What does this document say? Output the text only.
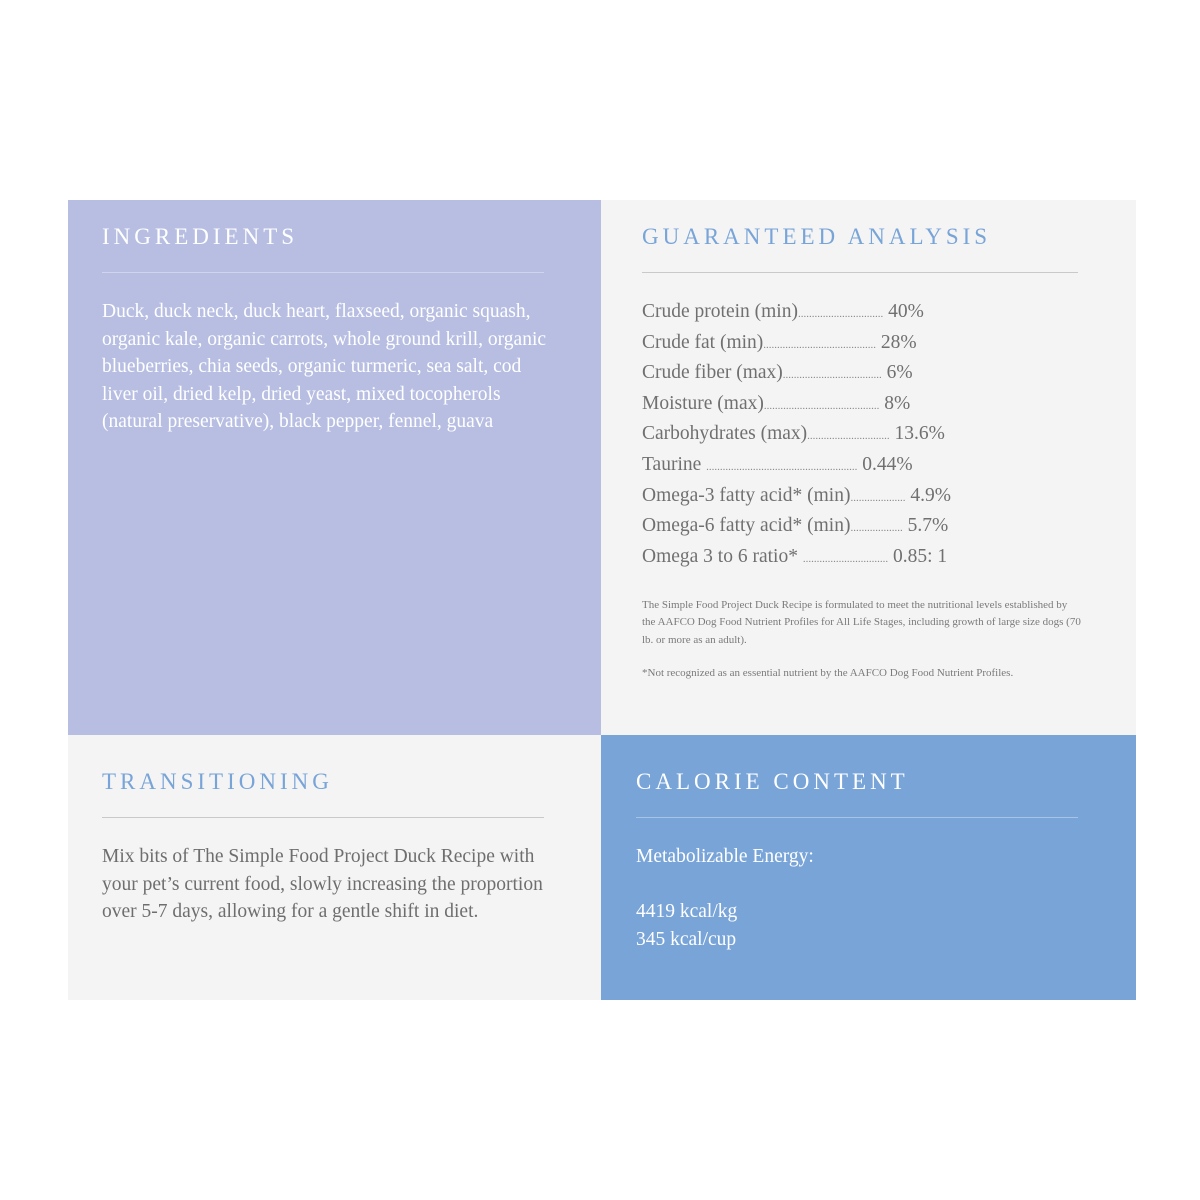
INGREDIENTS

Duck, duck neck, duck heart, flaxseed, organic squash, organic kale, organic carrots, whole ground krill, organic blueberries, chia seeds, organic turmeric, sea salt, cod liver oil, dried kelp, dried yeast, mixed tocopherols (natural preservative), black pepper, fennel, guava

GUARANTEED ANALYSIS
Crude protein (min)............................... 40%
Crude fat (min)......................................... 28%
Crude fiber (max).................................... 6%
Moisture (max).......................................... 8%
Carbohydrates (max).............................. 13.6%
Taurine ....................................................... 0.44%
Omega-3 fatty acid* (min).................... 4.9%
Omega-6 fatty acid* (min)................... 5.7%
Omega 3 to 6 ratio* ............................... 0.85: 1

The Simple Food Project Duck Recipe is formulated to meet the nutritional levels established by the AAFCO Dog Food Nutrient Profiles for All Life Stages, including growth of large size dogs (70 lb. or more as an adult).

*Not recognized as an essential nutrient by the AAFCO Dog Food Nutrient Profiles.

TRANSITIONING

Mix bits of The Simple Food Project Duck Recipe with your pet’s current food, slowly increasing the proportion over 5-7 days, allowing for a gentle shift in diet.

CALORIE CONTENT

Metabolizable Energy:

4419 kcal/kg
345 kcal/cup
